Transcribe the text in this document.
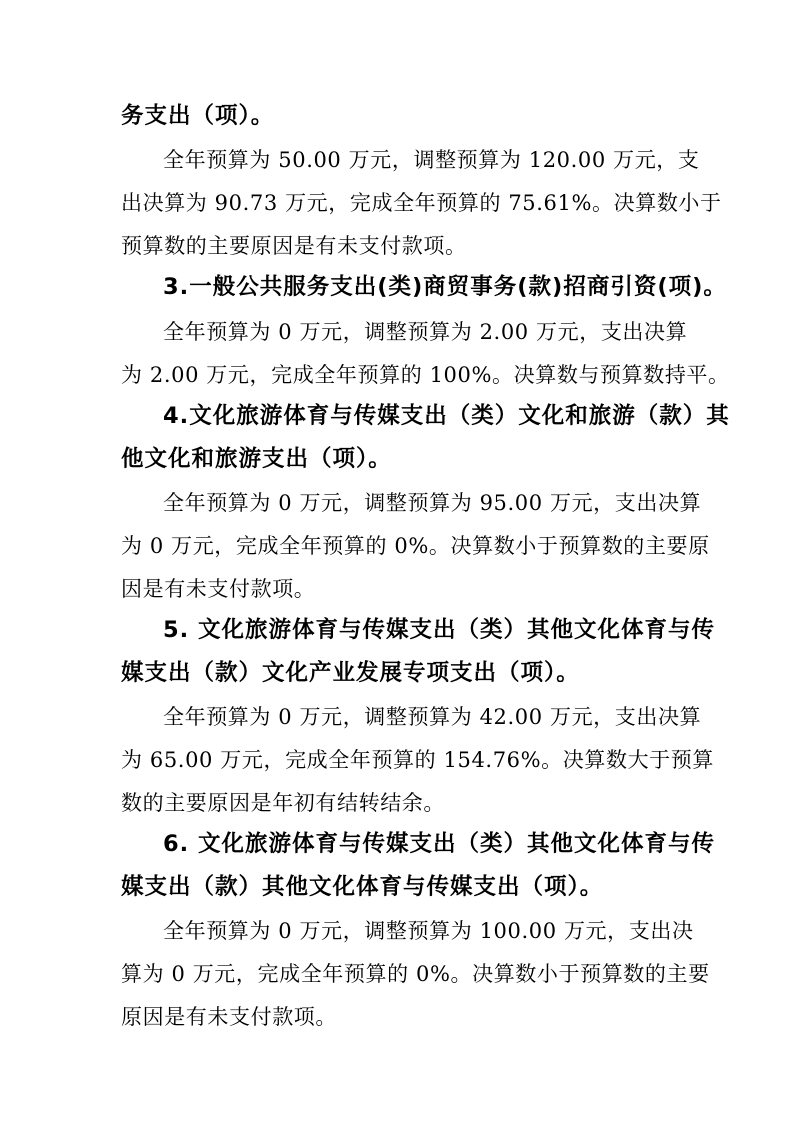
务支出（项）。
全年预算为 50.00 万元，调整预算为 120.00 万元，支
出决算为 90.73 万元，完成全年预算的 75.61%。决算数小于
预算数的主要原因是有未支付款项。
3.一般公共服务支出(类)商贸事务(款)招商引资(项)。
全年预算为 0 万元，调整预算为 2.00 万元，支出决算
为 2.00 万元，完成全年预算的 100%。决算数与预算数持平。
4.文化旅游体育与传媒支出（类）文化和旅游（款）其
他文化和旅游支出（项）。
全年预算为 0 万元，调整预算为 95.00 万元，支出决算
为 0 万元，完成全年预算的 0%。决算数小于预算数的主要原
因是有未支付款项。
5. 文化旅游体育与传媒支出（类）其他文化体育与传
媒支出（款）文化产业发展专项支出（项）。
全年预算为 0 万元，调整预算为 42.00 万元，支出决算
为 65.00 万元，完成全年预算的 154.76%。决算数大于预算
数的主要原因是年初有结转结余。
6. 文化旅游体育与传媒支出（类）其他文化体育与传
媒支出（款）其他文化体育与传媒支出（项）。
全年预算为 0 万元，调整预算为 100.00 万元，支出决
算为 0 万元，完成全年预算的 0%。决算数小于预算数的主要
原因是有未支付款项。
